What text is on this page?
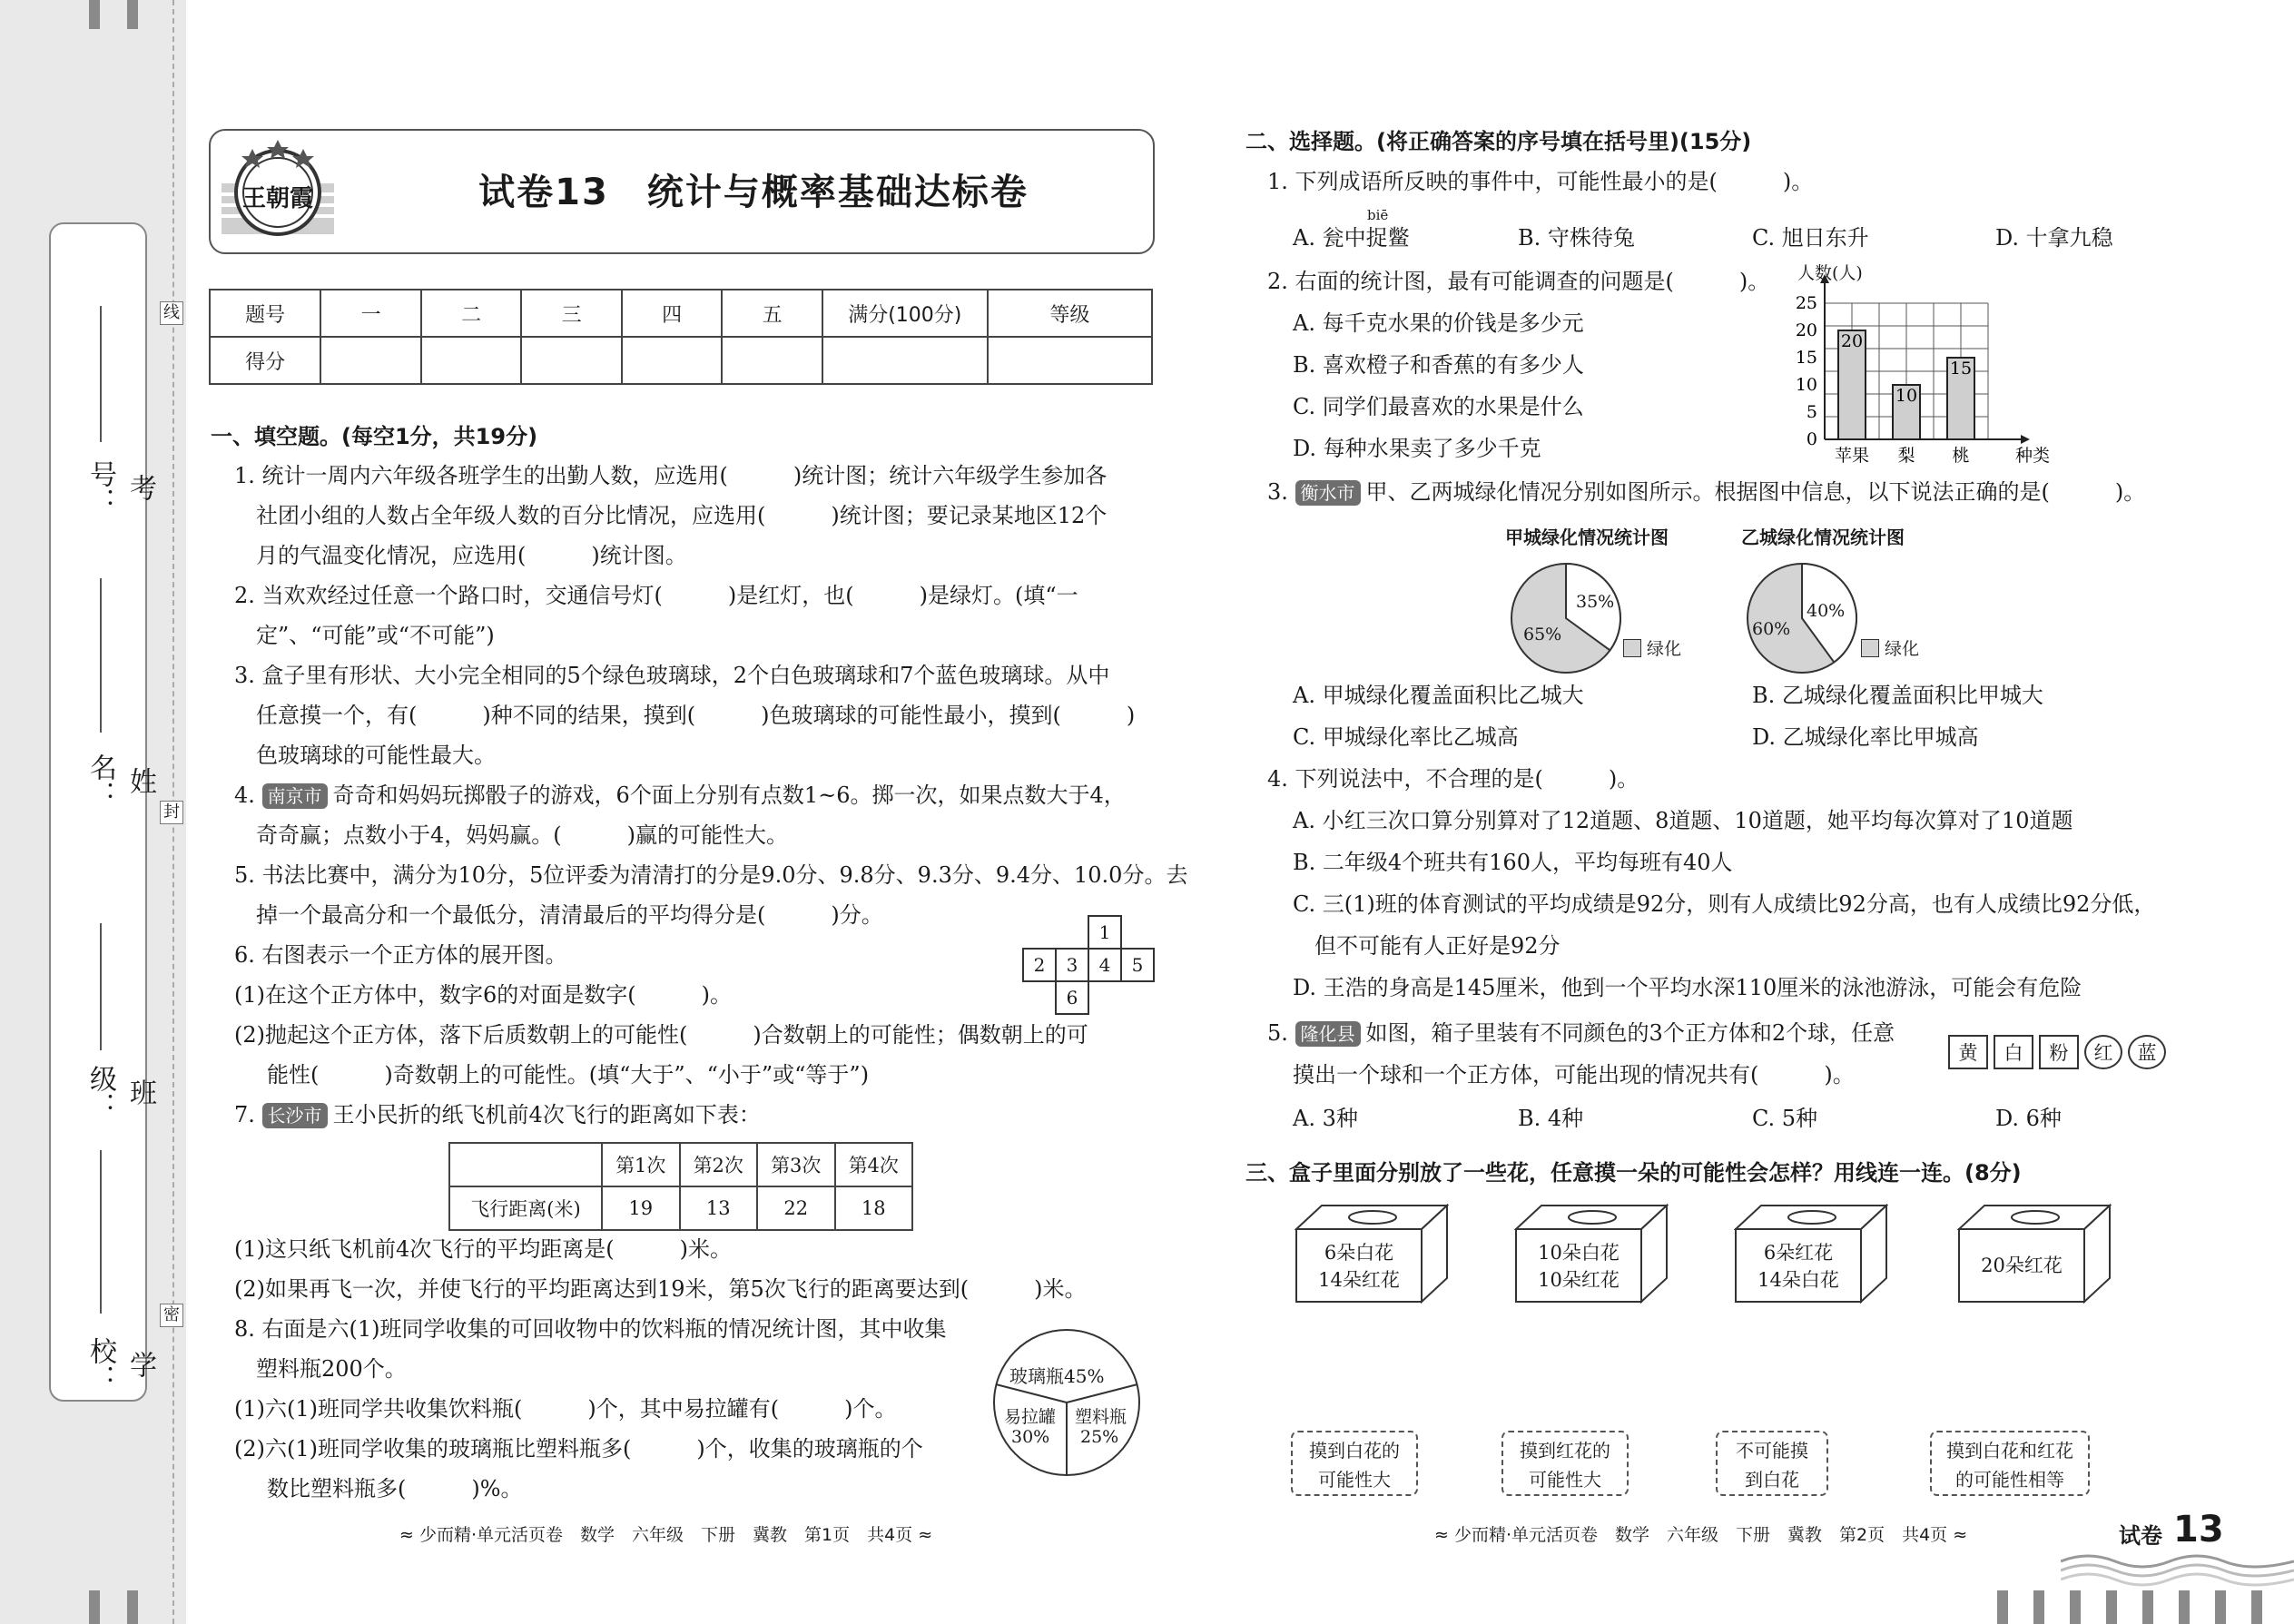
线
封
密
考号：
姓名：
班级：
学校：
王朝霞	试卷13　统计与概率基础达标卷
题号	一	二	三	四	五	满分(100分)	等级
得分							
一、填空题。(每空1分，共19分)
1. 统计一周内六年级各班学生的出勤人数，应选用(　　　)统计图；统计六年级学生参加各
社团小组的人数占全年级人数的百分比情况，应选用(　　　)统计图；要记录某地区12个
月的气温变化情况，应选用(　　　)统计图。
2. 当欢欢经过任意一个路口时，交通信号灯(　　　)是红灯，也(　　　)是绿灯。(填“一
定”、“可能”或“不可能”)
3. 盒子里有形状、大小完全相同的5个绿色玻璃球，2个白色玻璃球和7个蓝色玻璃球。从中
任意摸一个，有(　　　)种不同的结果，摸到(　　　)色玻璃球的可能性最小，摸到(　　　)
色玻璃球的可能性最大。
4. 南京市 奇奇和妈妈玩掷骰子的游戏，6个面上分别有点数1~6。掷一次，如果点数大于4，
奇奇赢；点数小于4，妈妈赢。(　　　)赢的可能性大。
5. 书法比赛中，满分为10分，5位评委为清清打的分是9.0分、9.8分、9.3分、9.4分、10.0分。去
掉一个最高分和一个最低分，清清最后的平均得分是(　　　)分。
6. 右图表示一个正方体的展开图。
(1)在这个正方体中，数字6的对面是数字(　　　)。
(2)抛起这个正方体，落下后质数朝上的可能性(　　　)合数朝上的可能性；偶数朝上的可
能性(　　　)奇数朝上的可能性。(填“大于”、“小于”或“等于”)
1
2	3	4	5
6
7. 长沙市 王小民折的纸飞机前4次飞行的距离如下表：
	第1次	第2次	第3次	第4次
飞行距离(米)	19	13	22	18
(1)这只纸飞机前4次飞行的平均距离是(　　　)米。
(2)如果再飞一次，并使飞行的平均距离达到19米，第5次飞行的距离要达到(　　　)米。
8. 右面是六(1)班同学收集的可回收物中的饮料瓶的情况统计图，其中收集
塑料瓶200个。
(1)六(1)班同学共收集饮料瓶(　　　)个，其中易拉罐有(　　　)个。
(2)六(1)班同学收集的玻璃瓶比塑料瓶多(　　　)个，收集的玻璃瓶的个
数比塑料瓶多(　　　)%。
玻璃瓶45%
易拉罐
30%
塑料瓶
25%
≈ 少而精·单元活页卷　数学　六年级　下册　冀教　第1页　共4页 ≈
二、选择题。(将正确答案的序号填在括号里)(15分)
1. 下列成语所反映的事件中，可能性最小的是(　　　)。
biē
A. 瓮中捉鳖	B. 守株待兔	C. 旭日东升	D. 十拿九稳
2. 右面的统计图，最有可能调查的问题是(　　　)。
A. 每千克水果的价钱是多少元
B. 喜欢橙子和香蕉的有多少人
C. 同学们最喜欢的水果是什么
D. 每种水果卖了多少千克	0
5
10
15
20
25
20
苹果
10
梨
15
桃	种类
人数(人)
3. 衡水市 甲、乙两城绿化情况分别如图所示。根据图中信息，以下说法正确的是(　　　)。
甲城绿化情况统计图
35%
65%
绿化
乙城绿化情况统计图
40%
60%
绿化
A. 甲城绿化覆盖面积比乙城大	B. 乙城绿化覆盖面积比甲城大
C. 甲城绿化率比乙城高	D. 乙城绿化率比甲城高
4. 下列说法中，不合理的是(　　　)。
A. 小红三次口算分别算对了12道题、8道题、10道题，她平均每次算对了10道题
B. 二年级4个班共有160人，平均每班有40人
C. 三(1)班的体育测试的平均成绩是92分，则有人成绩比92分高，也有人成绩比92分低，
但不可能有人正好是92分
D. 王浩的身高是145厘米，他到一个平均水深110厘米的泳池游泳，可能会有危险
5. 隆化县 如图，箱子里装有不同颜色的3个正方体和2个球，任意
摸出一个球和一个正方体，可能出现的情况共有(　　　)。
黄 白 粉 红 蓝
A. 3种	B. 4种	C. 5种	D. 6种
三、盒子里面分别放了一些花，任意摸一朵的可能性会怎样？用线连一连。(8分)
6朵白花
14朵红花
10朵白花
10朵红花
6朵红花
14朵白花
20朵红花
摸到白花的
可能性大
摸到红花的
可能性大
不可能摸
到白花
摸到白花和红花
的可能性相等
≈ 少而精·单元活页卷　数学　六年级　下册　冀教　第2页　共4页 ≈	试卷 13
